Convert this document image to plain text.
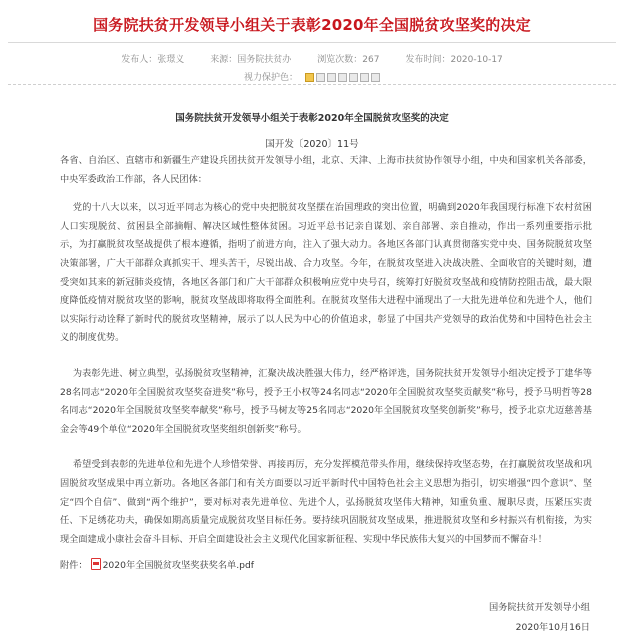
国务院扶贫开发领导小组关于表彰2020年全国脱贫攻坚奖的决定
发布人：张璟义	来源：国务院扶贫办	浏览次数：267	发布时间：2020-10-17
视力保护色：
国务院扶贫开发领导小组关于表彰2020年全国脱贫攻坚奖的决定

国开发〔2020〕11号

各省、自治区、直辖市和新疆生产建设兵团扶贫开发领导小组，北京、天津、上海市扶贫协作领导小组，中央和国家机关各部委，中央军委政治工作部，各人民团体：

党的十八大以来，以习近平同志为核心的党中央把脱贫攻坚摆在治国理政的突出位置，明确到2020年我国现行标准下农村贫困人口实现脱贫、贫困县全部摘帽、解决区域性整体贫困。习近平总书记亲自谋划、亲自部署、亲自推动，作出一系列重要指示批示，为打赢脱贫攻坚战提供了根本遵循，指明了前进方向，注入了强大动力。各地区各部门认真贯彻落实党中央、国务院脱贫攻坚决策部署，广大干部群众真抓实干、埋头苦干，尽锐出战、合力攻坚。今年，在脱贫攻坚进入决战决胜、全面收官的关键时刻，遭受突如其来的新冠肺炎疫情，各地区各部门和广大干部群众积极响应党中央号召，统筹打好脱贫攻坚战和疫情防控阻击战，最大限度降低疫情对脱贫攻坚的影响，脱贫攻坚战即将取得全面胜利。在脱贫攻坚伟大进程中涌现出了一大批先进单位和先进个人，他们以实际行动诠释了新时代的脱贫攻坚精神，展示了以人民为中心的价值追求，彰显了中国共产党领导的政治优势和中国特色社会主义的制度优势。

为表彰先进、树立典型，弘扬脱贫攻坚精神，汇聚决战决胜强大伟力，经严格评选，国务院扶贫开发领导小组决定授予丁建华等28名同志“2020年全国脱贫攻坚奖奋进奖”称号，授予王小权等24名同志“2020年全国脱贫攻坚奖贡献奖”称号，授予马明哲等28名同志“2020年全国脱贫攻坚奖奉献奖”称号，授予马树友等25名同志“2020年全国脱贫攻坚奖创新奖”称号，授予北京尤迈慈善基金会等49个单位“2020年全国脱贫攻坚奖组织创新奖”称号。

希望受到表彰的先进单位和先进个人珍惜荣誉、再接再厉，充分发挥模范带头作用，继续保持攻坚态势，在打赢脱贫攻坚战和巩固脱贫攻坚成果中再立新功。各地区各部门和有关方面要以习近平新时代中国特色社会主义思想为指引，切实增强“四个意识”、坚定“四个自信”、做到“两个维护”，要对标对表先进单位、先进个人，弘扬脱贫攻坚伟大精神，知重负重、履职尽责，压紧压实责任、下足绣花功夫，确保如期高质量完成脱贫攻坚目标任务。要持续巩固脱贫攻坚成果，推进脱贫攻坚和乡村振兴有机衔接，为实现全面建成小康社会奋斗目标、开启全面建设社会主义现代化国家新征程、实现中华民族伟大复兴的中国梦而不懈奋斗！

附件： 2020年全国脱贫攻坚奖获奖名单.pdf
国务院扶贫开发领导小组
2020年10月16日
